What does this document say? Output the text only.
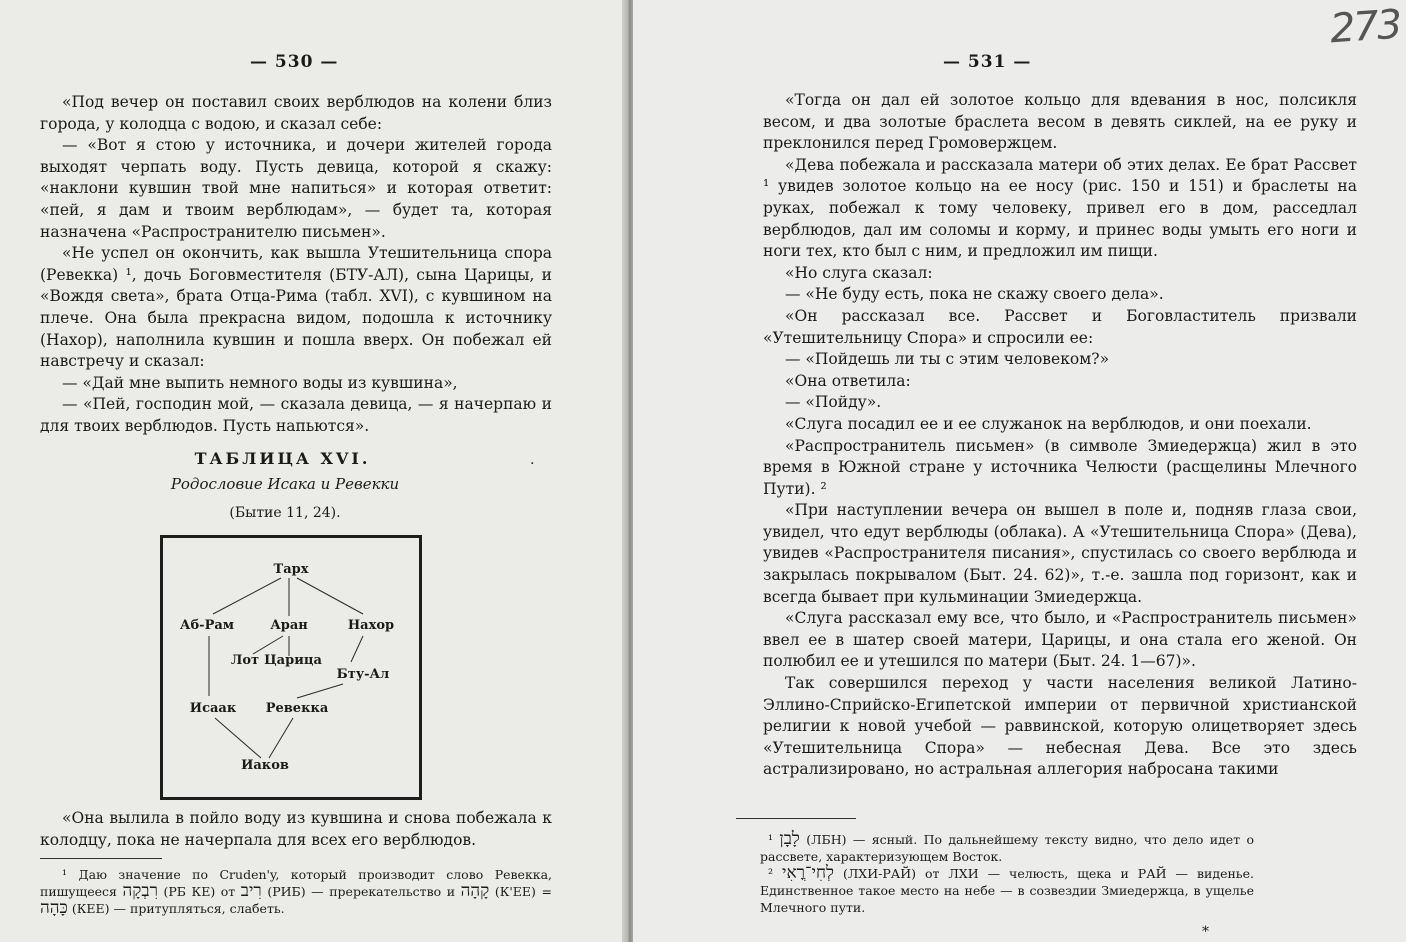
— 530 —

«Под вечер он поставил своих верблюдов на колени близ города, у колодца с водою, и сказал себе:

— «Вот я стою у источника, и дочери жителей города выходят черпать воду. Пусть девица, которой я скажу: «наклони кувшин твой мне напиться» и которая ответит: «пей, я дам и твоим верблюдам», — будет та, которая назначена «Распространителю письмен».

«Не успел он окончить, как вышла Утешительница спора (Ревекка) ¹, дочь Боговместителя (БТУ-АЛ), сына Царицы, и «Вождя света», брата Отца-Рима (табл. XVI), с кувшином на плече. Она была прекрасна видом, подошла к источнику (Нахор), наполнила кувшин и пошла вверх. Он побежал ей навстречу и сказал:

— «Дай мне выпить немного воды из кувшина»,

— «Пей, господин мой, — сказала девица, — я начерпаю и для твоих верблюдов. Пусть напьются».

ТАБЛИЦА XVI.	.
Родословие Исака и Ревекки
(Бытие 11, 24).
Тарх
Аб-Рам	Аран	Нахор
Лот Царица
Бту-Ал
Исаак Ревекка
Иаков

«Она вылила в пойло воду из кувшина и снова побежала к колодцу, пока не начерпала для всех его верблюдов.

¹ Даю значение по Cruden'y, который производит слово Ревекка, пишущееся רִבְקָה (РБ КЕ) от רִיב (РИБ) — пререкательство и קָהָה (К'ЕЕ) = כָּהָה (КЕЕ) — притупляться, слабеть.

— 531 —
273

«Тогда он дал ей золотое кольцо для вдевания в нос, полсикля весом, и два золотые браслета весом в девять сиклей, на ее руку и преклонился перед Громовержцем.

«Дева побежала и рассказала матери об этих делах. Ее брат Рассвет ¹ увидев золотое кольцо на ее носу (рис. 150 и 151) и браслеты на руках, побежал к тому человеку, привел его в дом, расседлал верблюдов, дал им соломы и корму, и принес воды умыть его ноги и ноги тех, кто был с ним, и предложил им пищи.

«Но слуга сказал:

— «Не буду есть, пока не скажу своего дела».

«Он рассказал все. Рассвет и Боговластитель призвали «Утешительницу Спора» и спросили ее:

— «Пойдешь ли ты с этим человеком?»

«Она ответила:

— «Пойду».

«Слуга посадил ее и ее служанок на верблюдов, и они поехали.

«Распространитель письмен» (в символе Змиедержца) жил в это время в Южной стране у источника Челюсти (расщелины Млечного Пути). ²

«При наступлении вечера он вышел в поле и, подняв глаза свои, увидел, что едут верблюды (облака). А «Утешительница Спора» (Дева), увидев «Распространителя писания», спустилась со своего верблюда и закрылась покрывалом (Быт. 24. 62)», т.-е. зашла под горизонт, как и всегда бывает при кульминации Змиедержца.

«Слуга рассказал ему все, что было, и «Распространитель письмен» ввел ее в шатер своей матери, Царицы, и она стала его женой. Он полюбил ее и утешился по матери (Быт. 24. 1—67)».

Так совершился переход у части населения великой Латино-Эллино-Сприйско-Египетской империи от первичной христианской религии к новой учебой — раввинской, которую олицетворяет здесь «Утешительница Спора» — небесная Дева. Все это здесь астрализировано, но астральная аллегория набросана такими

¹ לָבָן (ЛБН) — ясный. По дальнейшему тексту видно, что дело идет о рассвете, характеризующем Восток.

² לְחִי־רֳאִי (ЛХИ-РАЙ) от ЛХИ — челюсть, щека и РАЙ — виденье. Единственное такое место на небе — в созвездии Змиедержца, в ущелье Млечного пути.

*
